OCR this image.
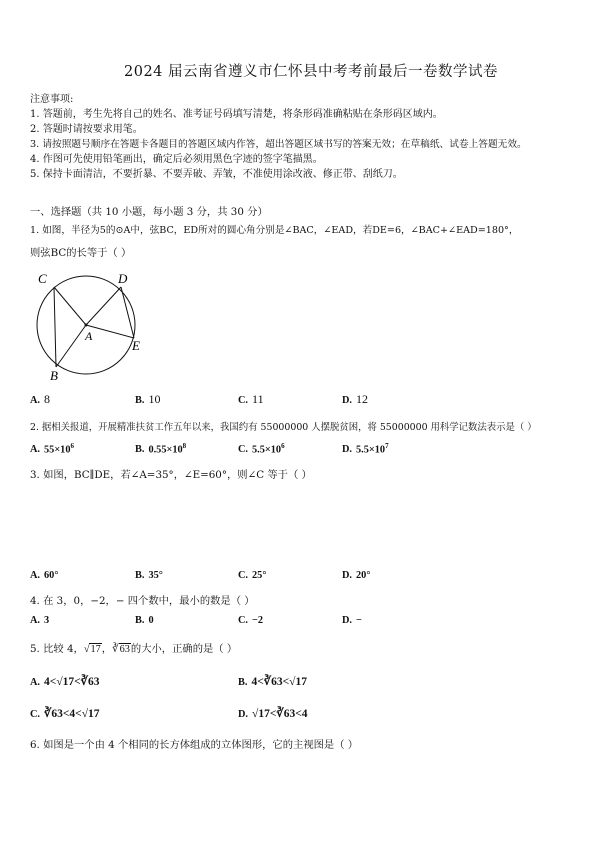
2024 届云南省遵义市仁怀县中考考前最后一卷数学试卷
注意事项:
1. 答题前，考生先将自己的姓名、准考证号码填写清楚，将条形码准确粘贴在条形码区域内。
2. 答题时请按要求用笔。
3. 请按照题号顺序在答题卡各题目的答题区域内作答，超出答题区域书写的答案无效；在草稿纸、试卷上答题无效。
4. 作图可先使用铅笔画出，确定后必须用黑色字迹的签字笔描黑。
5. 保持卡面清洁，不要折暴、不要弄破、弄皱，不准使用涂改液、修正带、刮纸刀。
一、选择题（共 10 小题，每小题 3 分，共 30 分）
1. 如图，半径为5的⊙A中，弦BC，ED所对的圆心角分别是∠BAC，∠EAD，若DE=6，∠BAC+∠EAD=180°，
则弦BC的长等于（ ）
C	D
A
E
B
A. 8	B. 10	C. 11	D. 12
2. 据相关报道，开展精准扶贫工作五年以来，我国约有 55000000 人摆脱贫困，将 55000000 用科学记数法表示是（ ）
A. $55\times 10^6$	B. $0.55\times 10^8$	C. $5.5\times 10^6$	D. $5.5\times 10^7$
3. 如图，BC∥DE，若∠A=35°，∠E=60°，则∠C 等于（ ）
A. 60°	B. 35°	C. 25°	D. 20°
4. 在 3，0，−2，− 四个数中，最小的数是（ ）
A. 3	B. 0	C. −2	D. −
5. 比较 4，√17，∛63的大小，正确的是（ ）
A. 4<√17<∛63	B. 4<∛63<√17
C. ∛63<4<√17	D. √17<∛63<4
6. 如图是一个由 4 个相同的长方体组成的立体图形，它的主视图是（ ）
